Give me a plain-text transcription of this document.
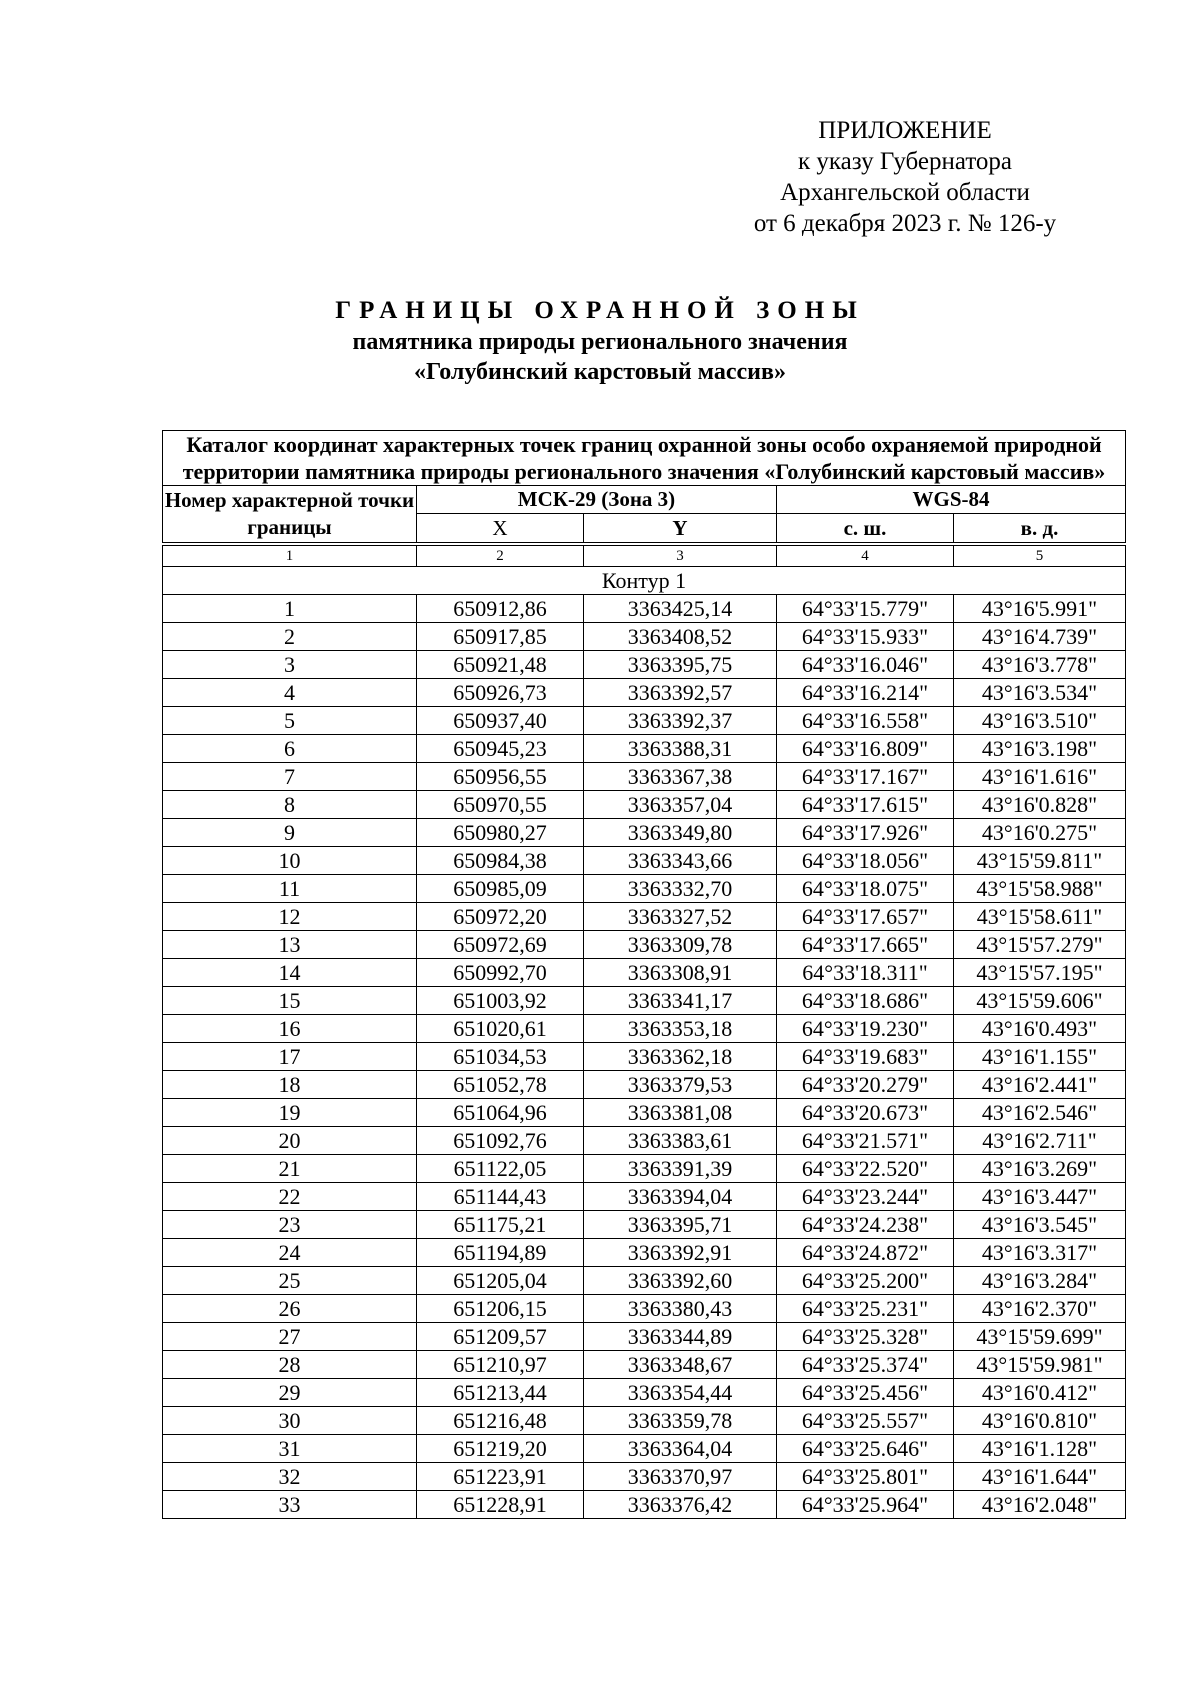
ПРИЛОЖЕНИЕ
к указу Губернатора
Архангельской области
от 6 декабря 2023 г. № 126-у
ГРАНИЦЫ ОХРАННОЙ ЗОНЫ
памятника природы регионального значения
«Голубинский карстовый массив»
Каталог координат характерных точек границ охранной зоны особо охраняемой природной территории памятника природы регионального значения «Голубинский карстовый массив»				
Номер характерной точки границы	МСК-29 (Зона 3)		WGS-84	
	X	Y	с. ш.	в. д.

1	2	3	4	5
Контур 1				
1	650912,86	3363425,14	64°33'15.779"	43°16'5.991"
2	650917,85	3363408,52	64°33'15.933"	43°16'4.739"
3	650921,48	3363395,75	64°33'16.046"	43°16'3.778"
4	650926,73	3363392,57	64°33'16.214"	43°16'3.534"
5	650937,40	3363392,37	64°33'16.558"	43°16'3.510"
6	650945,23	3363388,31	64°33'16.809"	43°16'3.198"
7	650956,55	3363367,38	64°33'17.167"	43°16'1.616"
8	650970,55	3363357,04	64°33'17.615"	43°16'0.828"
9	650980,27	3363349,80	64°33'17.926"	43°16'0.275"
10	650984,38	3363343,66	64°33'18.056"	43°15'59.811"
11	650985,09	3363332,70	64°33'18.075"	43°15'58.988"
12	650972,20	3363327,52	64°33'17.657"	43°15'58.611"
13	650972,69	3363309,78	64°33'17.665"	43°15'57.279"
14	650992,70	3363308,91	64°33'18.311"	43°15'57.195"
15	651003,92	3363341,17	64°33'18.686"	43°15'59.606"
16	651020,61	3363353,18	64°33'19.230"	43°16'0.493"
17	651034,53	3363362,18	64°33'19.683"	43°16'1.155"
18	651052,78	3363379,53	64°33'20.279"	43°16'2.441"
19	651064,96	3363381,08	64°33'20.673"	43°16'2.546"
20	651092,76	3363383,61	64°33'21.571"	43°16'2.711"
21	651122,05	3363391,39	64°33'22.520"	43°16'3.269"
22	651144,43	3363394,04	64°33'23.244"	43°16'3.447"
23	651175,21	3363395,71	64°33'24.238"	43°16'3.545"
24	651194,89	3363392,91	64°33'24.872"	43°16'3.317"
25	651205,04	3363392,60	64°33'25.200"	43°16'3.284"
26	651206,15	3363380,43	64°33'25.231"	43°16'2.370"
27	651209,57	3363344,89	64°33'25.328"	43°15'59.699"
28	651210,97	3363348,67	64°33'25.374"	43°15'59.981"
29	651213,44	3363354,44	64°33'25.456"	43°16'0.412"
30	651216,48	3363359,78	64°33'25.557"	43°16'0.810"
31	651219,20	3363364,04	64°33'25.646"	43°16'1.128"
32	651223,91	3363370,97	64°33'25.801"	43°16'1.644"
33	651228,91	3363376,42	64°33'25.964"	43°16'2.048"
